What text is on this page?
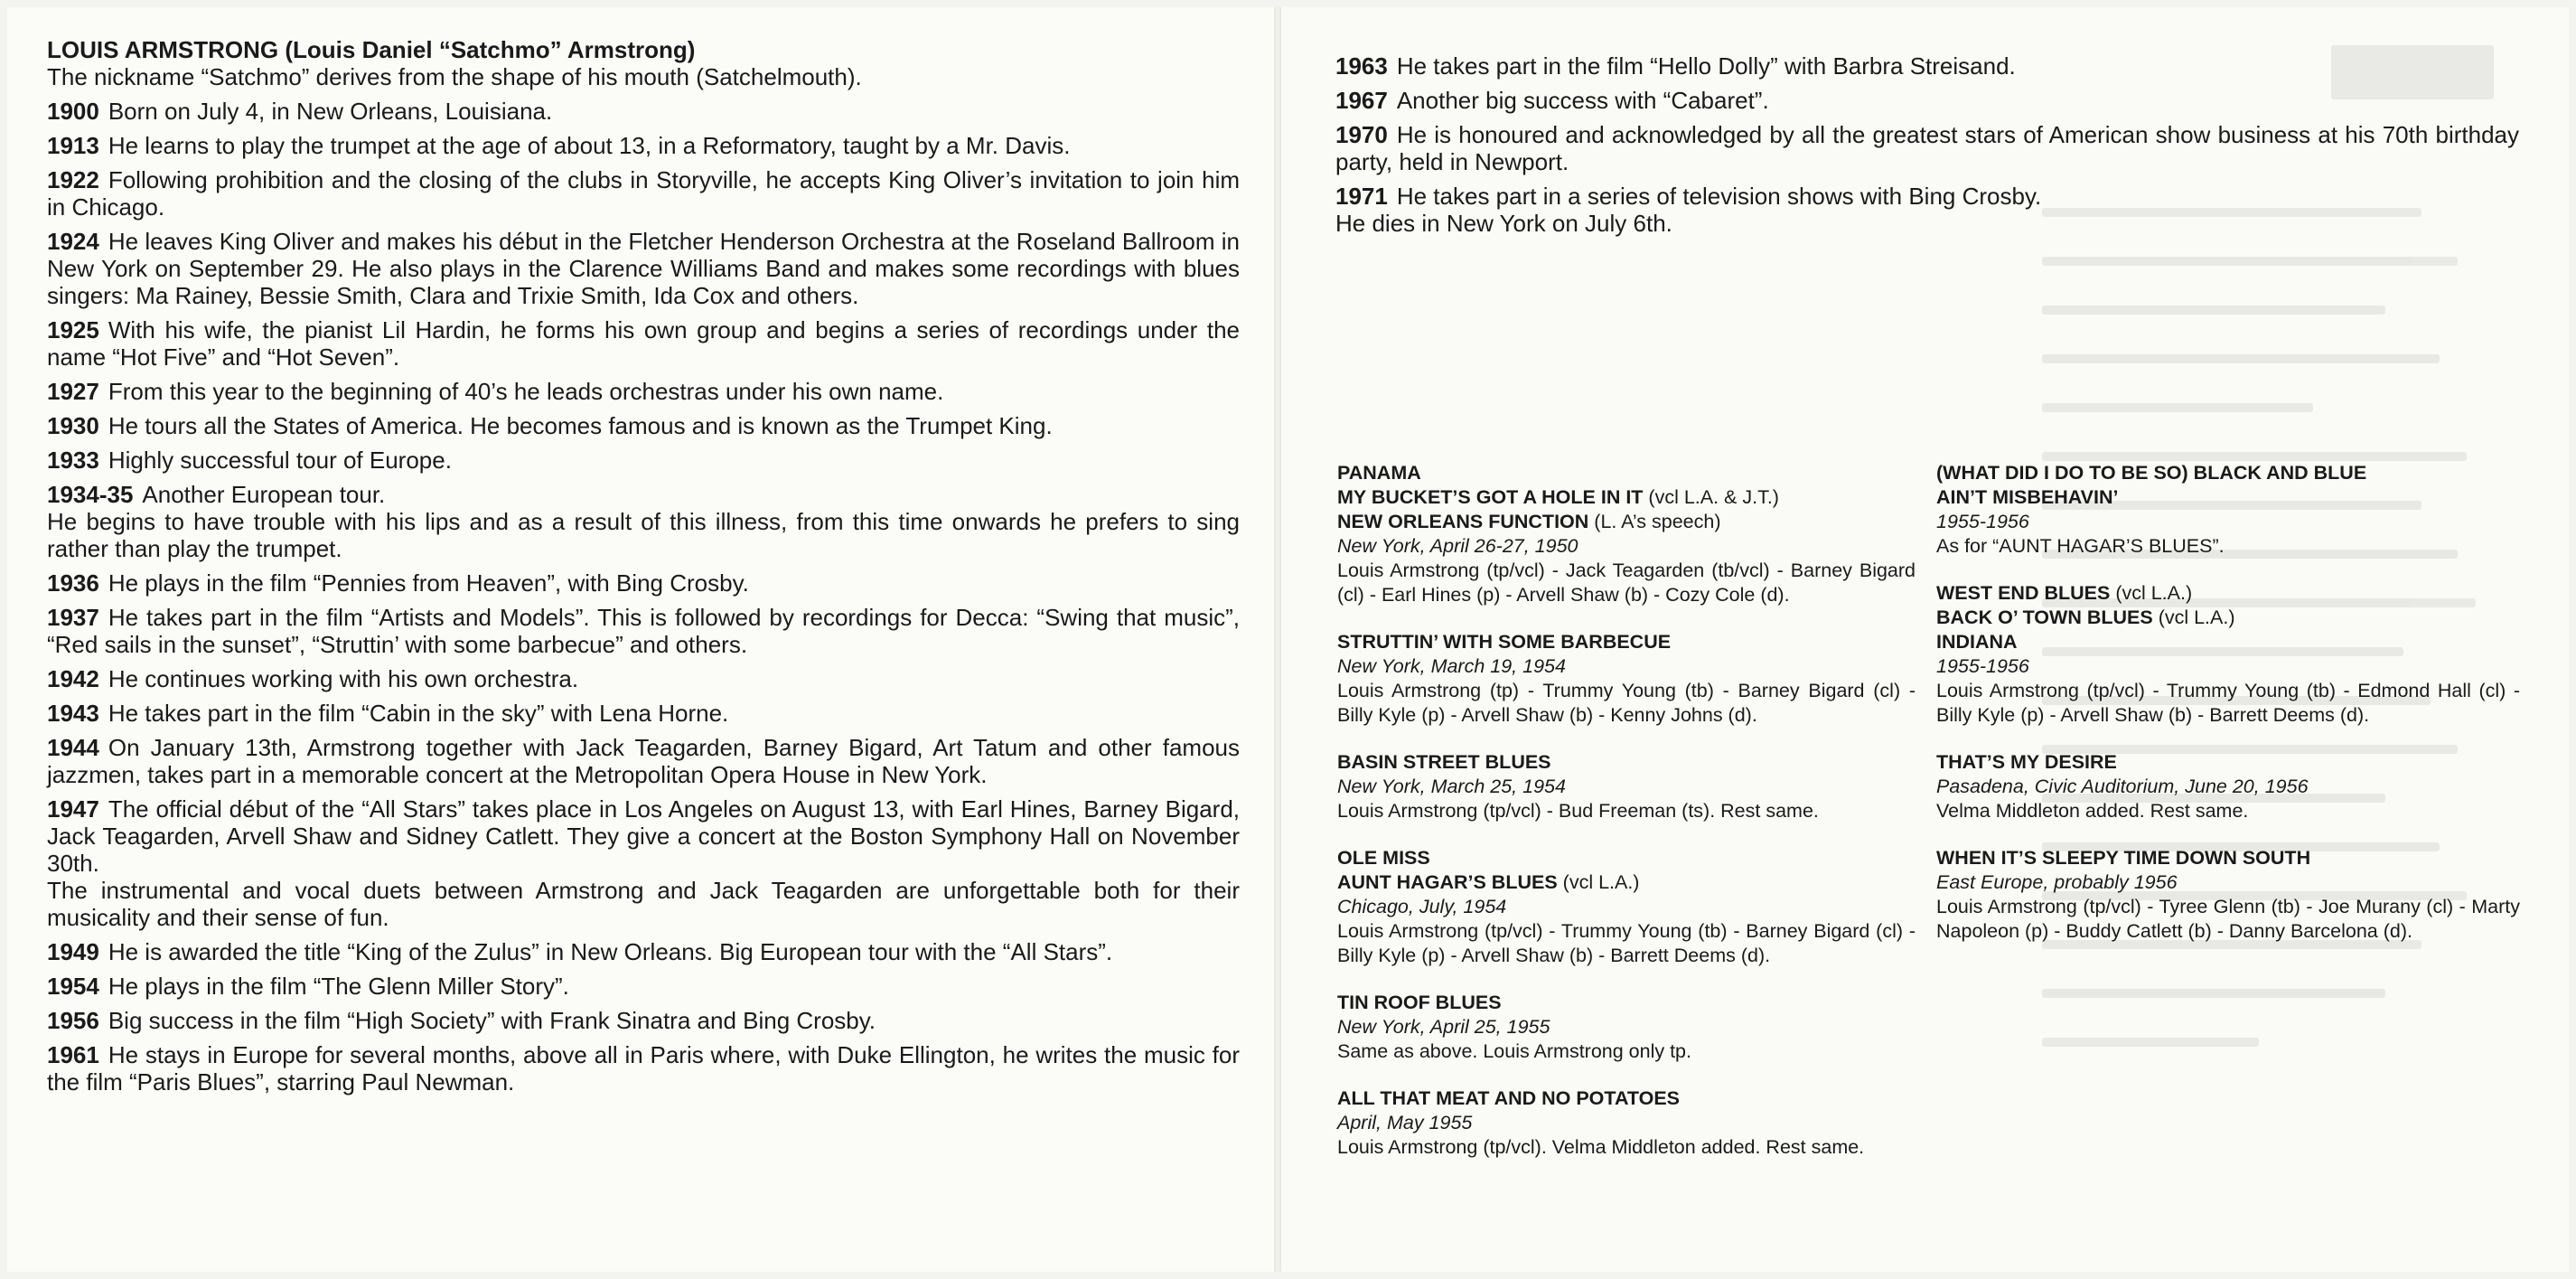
LOUIS ARMSTRONG (Louis Daniel “Satchmo” Armstrong)
The nickname “Satchmo” derives from the shape of his mouth (Satchelmouth).

1900 Born on July 4, in New Orleans, Louisiana.

1913 He learns to play the trumpet at the age of about 13, in a Reformatory, taught by a Mr. Davis.

1922 Following prohibition and the closing of the clubs in Storyville, he accepts King Oliver’s invitation to join him in Chicago.

1924 He leaves King Oliver and makes his début in the Fletcher Henderson Orchestra at the Roseland Ballroom in New York on September 29. He also plays in the Clarence Williams Band and makes some recordings with blues singers: Ma Rainey, Bessie Smith, Clara and Trixie Smith, Ida Cox and others.

1925 With his wife, the pianist Lil Hardin, he forms his own group and begins a series of recordings under the name “Hot Five” and “Hot Seven”.

1927 From this year to the beginning of 40’s he leads orchestras under his own name.

1930 He tours all the States of America. He becomes famous and is known as the Trumpet King.

1933 Highly successful tour of Europe.

1934-35 Another European tour.

He begins to have trouble with his lips and as a result of this illness, from this time onwards he prefers to sing rather than play the trumpet.

1936 He plays in the film “Pennies from Heaven”, with Bing Crosby.

1937 He takes part in the film “Artists and Models”. This is followed by recordings for Decca: “Swing that music”, “Red sails in the sunset”, “Struttin’ with some barbecue” and others.

1942 He continues working with his own orchestra.

1943 He takes part in the film “Cabin in the sky” with Lena Horne.

1944 On January 13th, Armstrong together with Jack Teagarden, Barney Bigard, Art Tatum and other famous jazzmen, takes part in a memorable concert at the Metropolitan Opera House in New York.

1947 The official début of the “All Stars” takes place in Los Angeles on August 13, with Earl Hines, Barney Bigard, Jack Teagarden, Arvell Shaw and Sidney Catlett. They give a concert at the Boston Symphony Hall on November 30th.

The instrumental and vocal duets between Armstrong and Jack Teagarden are unforgettable both for their musicality and their sense of fun.

1949 He is awarded the title “King of the Zulus” in New Orleans. Big European tour with the “All Stars”.

1954 He plays in the film “The Glenn Miller Story”.

1956 Big success in the film “High Society” with Frank Sinatra and Bing Crosby.

1961 He stays in Europe for several months, above all in Paris where, with Duke Ellington, he writes the music for the film “Paris Blues”, starring Paul Newman.

1963 He takes part in the film “Hello Dolly” with Barbra Streisand.

1967 Another big success with “Cabaret”.

1970 He is honoured and acknowledged by all the greatest stars of American show business at his 70th birthday party, held in Newport.

1971 He takes part in a series of television shows with Bing Crosby.

He dies in New York on July 6th.

PANAMA
MY BUCKET’S GOT A HOLE IN IT (vcl L.A. & J.T.)
NEW ORLEANS FUNCTION (L. A’s speech)
New York, April 26-27, 1950
Louis Armstrong (tp/vcl) - Jack Teagarden (tb/vcl) - Barney Bigard (cl) - Earl Hines (p) - Arvell Shaw (b) - Cozy Cole (d).
STRUTTIN’ WITH SOME BARBECUE
New York, March 19, 1954
Louis Armstrong (tp) - Trummy Young (tb) - Barney Bigard (cl) - Billy Kyle (p) - Arvell Shaw (b) - Kenny Johns (d).
BASIN STREET BLUES
New York, March 25, 1954
Louis Armstrong (tp/vcl) - Bud Freeman (ts). Rest same.
OLE MISS
AUNT HAGAR’S BLUES (vcl L.A.)
Chicago, July, 1954
Louis Armstrong (tp/vcl) - Trummy Young (tb) - Barney Bigard (cl) - Billy Kyle (p) - Arvell Shaw (b) - Barrett Deems (d).
TIN ROOF BLUES
New York, April 25, 1955
Same as above. Louis Armstrong only tp.
ALL THAT MEAT AND NO POTATOES
April, May 1955
Louis Armstrong (tp/vcl). Velma Middleton added. Rest same.
(WHAT DID I DO TO BE SO) BLACK AND BLUE
AIN’T MISBEHAVIN’
1955-1956
As for “AUNT HAGAR’S BLUES”.
WEST END BLUES (vcl L.A.)
BACK O’ TOWN BLUES (vcl L.A.)
INDIANA
1955-1956
Louis Armstrong (tp/vcl) - Trummy Young (tb) - Edmond Hall (cl) - Billy Kyle (p) - Arvell Shaw (b) - Barrett Deems (d).
THAT’S MY DESIRE
Pasadena, Civic Auditorium, June 20, 1956
Velma Middleton added. Rest same.
WHEN IT’S SLEEPY TIME DOWN SOUTH
East Europe, probably 1956
Louis Armstrong (tp/vcl) - Tyree Glenn (tb) - Joe Murany (cl) - Marty Napoleon (p) - Buddy Catlett (b) - Danny Barcelona (d).
